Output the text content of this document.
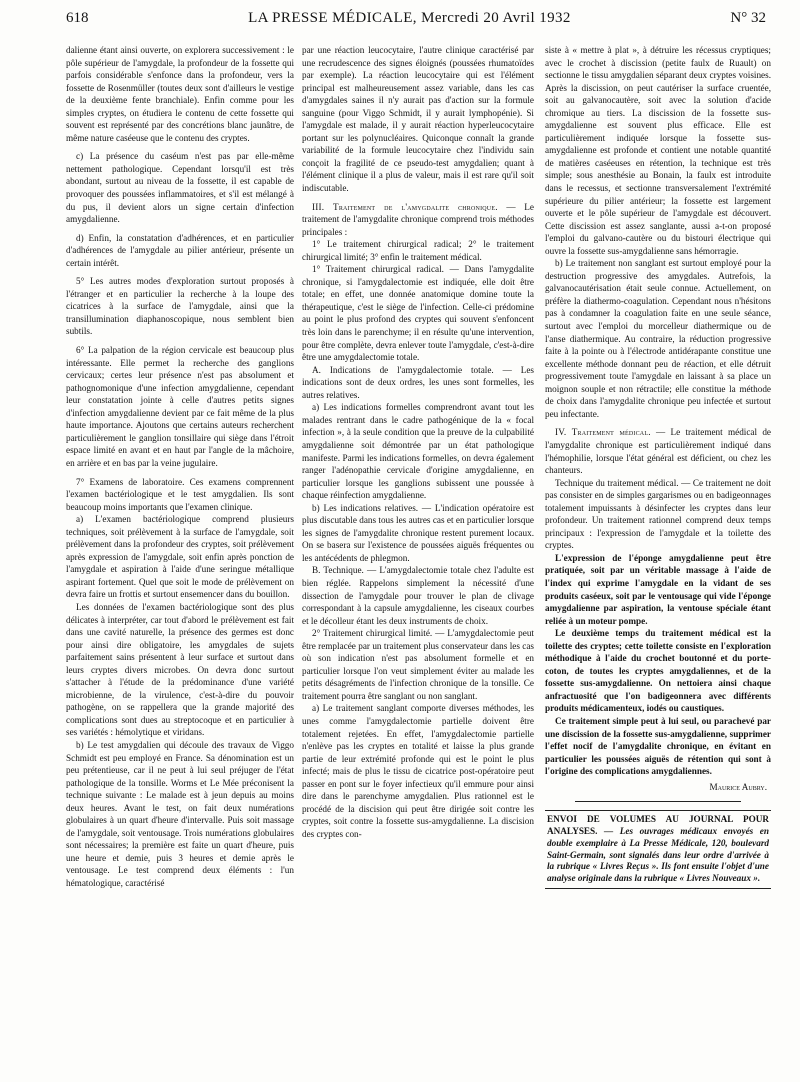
618	LA PRESSE MÉDICALE, Mercredi 20 Avril 1932	N° 32

dalienne étant ainsi ouverte, on explorera successivement : le pôle supérieur de l'amygdale, la profondeur de la fossette qui parfois considérable s'enfonce dans la profondeur, vers la fossette de Rosenmüller (toutes deux sont d'ailleurs le vestige de la deuxième fente branchiale). Enfin comme pour les simples cryptes, on étudiera le contenu de cette fossette qui souvent est représenté par des concrétions blanc jaunâtre, de même nature caséeuse que le contenu des cryptes.

c) La présence du caséum n'est pas par elle-même nettement pathologique. Cependant lorsqu'il est très abondant, surtout au niveau de la fossette, il est capable de provoquer des poussées inflammatoires, et s'il est mélangé à du pus, il devient alors un signe certain d'infection amygdalienne.

d) Enfin, la constatation d'adhérences, et en particulier d'adhérences de l'amygdale au pilier antérieur, présente un certain intérêt.

5° Les autres modes d'exploration surtout proposés à l'étranger et en particulier la recherche à la loupe des cicatrices à la surface de l'amygdale, ainsi que la transillumination diaphanoscopique, nous semblent bien subtils.

6° La palpation de la région cervicale est beaucoup plus intéressante. Elle permet la recherche des ganglions cervicaux; certes leur présence n'est pas absolument et pathognomonique d'une infection amygdalienne, cependant leur constatation jointe à celle d'autres petits signes d'infection amygdalienne devient par ce fait même de la plus haute importance. Ajoutons que certains auteurs recherchent particulièrement le ganglion tonsillaire qui siège dans l'étroit espace limité en avant et en haut par l'angle de la mâchoire, en arrière et en bas par la veine jugulaire.

7° Examens de laboratoire. Ces examens comprennent l'examen bactériologique et le test amygdalien. Ils sont beaucoup moins importants que l'examen clinique.

a) L'examen bactériologique comprend plusieurs techniques, soit prélèvement à la surface de l'amygdale, soit prélèvement dans la profondeur des cryptes, soit prélèvement après expression de l'amygdale, soit enfin après ponction de l'amygdale et aspiration à l'aide d'une seringue métallique aspirant fortement. Quel que soit le mode de prélèvement on devra faire un frottis et surtout ensemencer dans du bouillon.

Les données de l'examen bactériologique sont des plus délicates à interpréter, car tout d'abord le prélèvement est fait dans une cavité naturelle, la présence des germes est donc pour ainsi dire obligatoire, les amygdales de sujets parfaitement sains présentent à leur surface et surtout dans leurs cryptes divers microbes. On devra donc surtout s'attacher à l'étude de la prédominance d'une variété microbienne, de la virulence, c'est-à-dire du pouvoir pathogène, on se rappellera que la grande majorité des complications sont dues au streptocoque et en particulier à ses variétés : hémolytique et viridans.

b) Le test amygdalien qui découle des travaux de Viggo Schmidt est peu employé en France. Sa dénomination est un peu prétentieuse, car il ne peut à lui seul préjuger de l'état pathologique de la tonsille. Worms et Le Mée préconisent la technique suivante : Le malade est à jeun depuis au moins deux heures. Avant le test, on fait deux numérations globulaires à un quart d'heure d'intervalle. Puis soit massage de l'amygdale, soit ventousage. Trois numérations globulaires sont nécessaires; la première est faite un quart d'heure, puis une heure et demie, puis 3 heures et demie après le ventousage. Le test comprend deux éléments : l'un hématologique, caractérisé

par une réaction leucocytaire, l'autre clinique caractérisé par une recrudescence des signes éloignés (poussées rhumatoïdes par exemple). La réaction leucocytaire qui est l'élément principal est malheureusement assez variable, dans les cas d'amygdales saines il n'y aurait pas d'action sur la formule sanguine (pour Viggo Schmidt, il y aurait lymphopénie). Si l'amygdale est malade, il y aurait réaction hyperleucocytaire portant sur les polynucléaires. Quiconque connaît la grande variabilité de la formule leucocytaire chez l'individu sain conçoit la fragilité de ce pseudo-test amygdalien; quant à l'élément clinique il a plus de valeur, mais il est rare qu'il soit indiscutable.

III. Traitement de l'amygdalite chronique. — Le traitement de l'amygdalite chronique comprend trois méthodes principales :

1° Le traitement chirurgical radical; 2° le traitement chirurgical limité; 3° enfin le traitement médical.

1° Traitement chirurgical radical. — Dans l'amygdalite chronique, si l'amygdalectomie est indiquée, elle doit être totale; en effet, une donnée anatomique domine toute la thérapeutique, c'est le siège de l'infection. Celle-ci prédomine au point le plus profond des cryptes qui souvent s'enfoncent très loin dans le parenchyme; il en résulte qu'une intervention, pour être complète, devra enlever toute l'amygdale, c'est-à-dire être une amygdalectomie totale.

A. Indications de l'amygdalectomie totale. — Les indications sont de deux ordres, les unes sont formelles, les autres relatives.

a) Les indications formelles comprendront avant tout les malades rentrant dans le cadre pathogénique de la « focal infection », à la seule condition que la preuve de la culpabilité amygdalienne soit démontrée par un état pathologique manifeste. Parmi les indications formelles, on devra également ranger l'adénopathie cervicale d'origine amygdalienne, en particulier lorsque les ganglions subissent une poussée à chaque réinfection amygdalienne.

b) Les indications relatives. — L'indication opératoire est plus discutable dans tous les autres cas et en particulier lorsque les signes de l'amygdalite chronique restent purement locaux. On se basera sur l'existence de poussées aiguës fréquentes ou les antécédents de phlegmon.

B. Technique. — L'amygdalectomie totale chez l'adulte est bien réglée. Rappelons simplement la nécessité d'une dissection de l'amygdale pour trouver le plan de clivage correspondant à la capsule amygdalienne, les ciseaux courbes et le décolleur étant les deux instruments de choix.

2° Traitement chirurgical limité. — L'amygdalectomie peut être remplacée par un traitement plus conservateur dans les cas où son indication n'est pas absolument formelle et en particulier lorsque l'on veut simplement éviter au malade les petits désagréments de l'infection chronique de la tonsille. Ce traitement pourra être sanglant ou non sanglant.

a) Le traitement sanglant comporte diverses méthodes, les unes comme l'amygdalectomie partielle doivent être totalement rejetées. En effet, l'amygdalectomie partielle n'enlève pas les cryptes en totalité et laisse la plus grande partie de leur extrémité profonde qui est le point le plus infecté; mais de plus le tissu de cicatrice post-opératoire peut passer en pont sur le foyer infectieux qu'il emmure pour ainsi dire dans le parenchyme amygdalien. Plus rationnel est le procédé de la discision qui peut être dirigée soit contre les cryptes, soit contre la fossette sus-amygdalienne. La discision des cryptes con-

siste à « mettre à plat », à détruire les récessus cryptiques; avec le crochet à discission (petite faulx de Ruault) on sectionne le tissu amygdalien séparant deux cryptes voisines. Après la discission, on peut cautériser la surface cruentée, soit au galvanocautère, soit avec la solution d'acide chromique au tiers. La discission de la fossette sus-amygdalienne est souvent plus efficace. Elle est particulièrement indiquée lorsque la fossette sus-amygdalienne est profonde et contient une notable quantité de matières caséeuses en rétention, la technique est très simple; sous anesthésie au Bonain, la faulx est introduite dans le recessus, et sectionne transversalement l'extrémité supérieure du pilier antérieur; la fossette est largement ouverte et le pôle supérieur de l'amygdale est découvert. Cette discission est assez sanglante, aussi a-t-on proposé l'emploi du galvano-cautère ou du bistouri électrique qui ouvre la fossette sus-amygdalienne sans hémorragie.

b) Le traitement non sanglant est surtout employé pour la destruction progressive des amygdales. Autrefois, la galvanocautérisation était seule connue. Actuellement, on préfère la diathermo-coagulation. Cependant nous n'hésitons pas à condamner la coagulation faite en une seule séance, surtout avec l'emploi du morcelleur diathermique ou de l'anse diathermique. Au contraire, la réduction progressive faite à la pointe ou à l'électrode antidérapante constitue une excellente méthode donnant peu de réaction, et elle détruit progressivement toute l'amygdale en laissant à sa place un moignon souple et non rétractile; elle constitue la méthode de choix dans l'amygdalite chronique peu infectée et surtout peu infectante.

IV. Traitement médical. — Le traitement médical de l'amygdalite chronique est particulièrement indiqué dans l'hémophilie, lorsque l'état général est déficient, ou chez les chanteurs.

Technique du traitement médical. — Ce traitement ne doit pas consister en de simples gargarismes ou en badigeonnages totalement impuissants à désinfecter les cryptes dans leur profondeur. Un traitement rationnel comprend deux temps principaux : l'expression de l'amygdale et la toilette des cryptes.

L'expression de l'éponge amygdalienne peut être pratiquée, soit par un véritable massage à l'aide de l'index qui exprime l'amygdale en la vidant de ses produits caséeux, soit par le ventousage qui vide l'éponge amygdalienne par aspiration, la ventouse spéciale étant reliée à un moteur pompe.

Le deuxième temps du traitement médical est la toilette des cryptes; cette toilette consiste en l'exploration méthodique à l'aide du crochet boutonné et du porte-coton, de toutes les cryptes amygdaliennes, et de la fossette sus-amygdalienne. On nettoiera ainsi chaque anfractuosité que l'on badigeonnera avec différents produits médicamenteux, iodés ou caustiques.

Ce traitement simple peut à lui seul, ou parachevé par une discission de la fossette sus-amygdalienne, supprimer l'effet nocif de l'amygdalite chronique, en évitant en particulier les poussées aiguës de rétention qui sont à l'origine des complications amygdaliennes.

Maurice Aubry.
ENVOI DE VOLUMES AU JOURNAL POUR ANALYSES. — Les ouvrages médicaux envoyés en double exemplaire à La Presse Médicale, 120, boulevard Saint-Germain, sont signalés dans leur ordre d'arrivée à la rubrique « Livres Reçus ». Ils font ensuite l'objet d'une analyse originale dans la rubrique « Livres Nouveaux ».
